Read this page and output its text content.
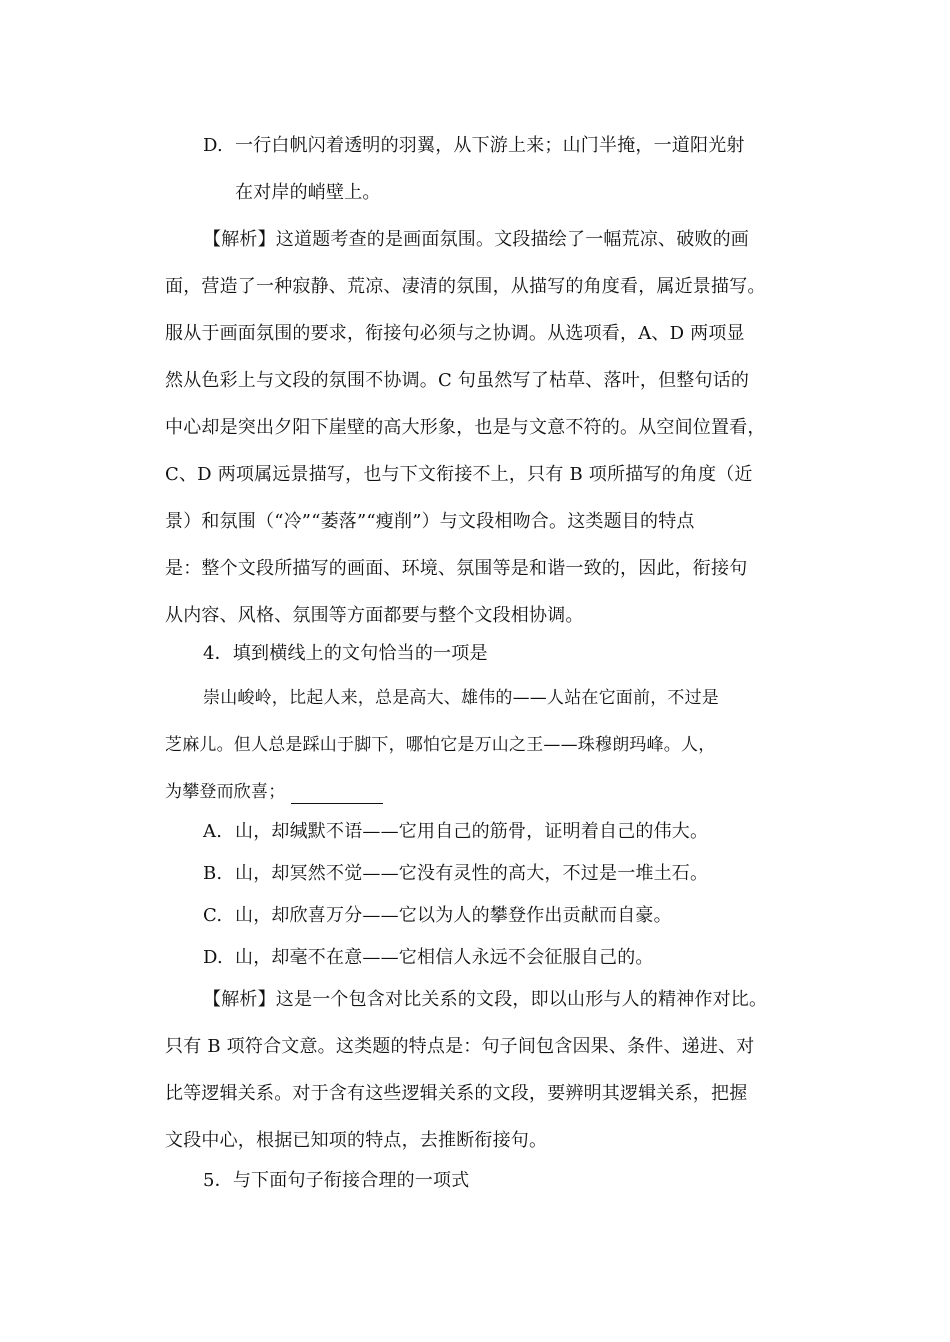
D. 一行白帆闪着透明的羽翼，从下游上来；山门半掩，一道阳光射
在对岸的峭壁上。
【解析】这道题考查的是画面氛围。文段描绘了一幅荒凉、破败的画
面，营造了一种寂静、荒凉、凄清的氛围，从描写的角度看，属近景描写。
服从于画面氛围的要求，衔接句必须与之协调。从选项看，A、D 两项显
然从色彩上与文段的氛围不协调。C 句虽然写了枯草、落叶，但整句话的
中心却是突出夕阳下崖壁的高大形象，也是与文意不符的。从空间位置看，
C、D 两项属远景描写，也与下文衔接不上，只有 B 项所描写的角度（近
景）和氛围（“冷”“萎落”“瘦削”）与文段相吻合。这类题目的特点
是：整个文段所描写的画面、环境、氛围等是和谐一致的，因此，衔接句
从内容、风格、氛围等方面都要与整个文段相协调。
4．填到横线上的文句恰当的一项是
崇山峻岭，比起人来，总是高大、雄伟的——人站在它面前，不过是
芝麻儿。但人总是踩山于脚下，哪怕它是万山之王——珠穆朗玛峰。人，
为攀登而欣喜；
A. 山，却缄默不语——它用自己的筋骨，证明着自己的伟大。
B. 山，却冥然不觉——它没有灵性的高大，不过是一堆土石。
C. 山，却欣喜万分——它以为人的攀登作出贡献而自豪。
D. 山，却毫不在意——它相信人永远不会征服自己的。
【解析】这是一个包含对比关系的文段，即以山形与人的精神作对比。
只有 B 项符合文意。这类题的特点是：句子间包含因果、条件、递进、对
比等逻辑关系。对于含有这些逻辑关系的文段，要辨明其逻辑关系，把握
文段中心，根据已知项的特点，去推断衔接句。
5．与下面句子衔接合理的一项式
